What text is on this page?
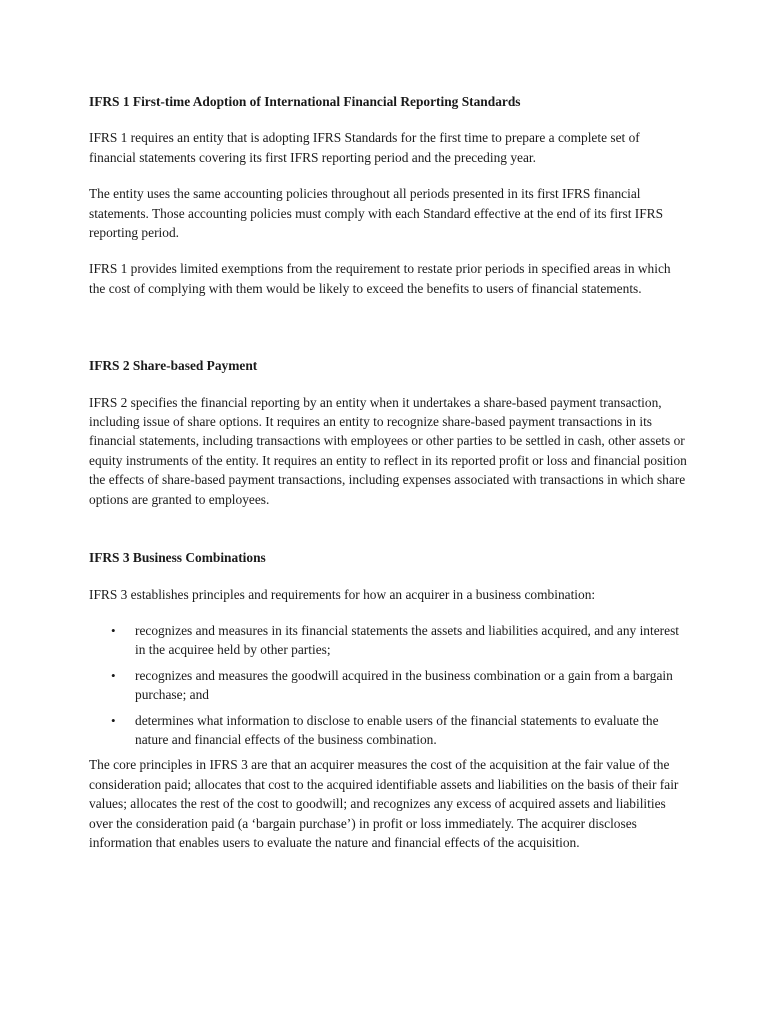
IFRS 1 First-time Adoption of International Financial Reporting Standards

IFRS 1 requires an entity that is adopting IFRS Standards for the first time to prepare a complete set of financial statements covering its first IFRS reporting period and the preceding year.

The entity uses the same accounting policies throughout all periods presented in its first IFRS financial statements. Those accounting policies must comply with each Standard effective at the end of its first IFRS reporting period.

IFRS 1 provides limited exemptions from the requirement to restate prior periods in specified areas in which the cost of complying with them would be likely to exceed the benefits to users of financial statements.

IFRS 2 Share-based Payment

IFRS 2 specifies the financial reporting by an entity when it undertakes a share-based payment transaction, including issue of share options. It requires an entity to recognize share-based payment transactions in its financial statements, including transactions with employees or other parties to be settled in cash, other assets or equity instruments of the entity. It requires an entity to reflect in its reported profit or loss and financial position the effects of share-based payment transactions, including expenses associated with transactions in which share options are granted to employees.

IFRS 3 Business Combinations

IFRS 3 establishes principles and requirements for how an acquirer in a business combination:

• recognizes and measures in its financial statements the assets and liabilities acquired, and any interest in the acquiree held by other parties;
• recognizes and measures the goodwill acquired in the business combination or a gain from a bargain purchase; and
• determines what information to disclose to enable users of the financial statements to evaluate the nature and financial effects of the business combination.

The core principles in IFRS 3 are that an acquirer measures the cost of the acquisition at the fair value of the consideration paid; allocates that cost to the acquired identifiable assets and liabilities on the basis of their fair values; allocates the rest of the cost to goodwill; and recognizes any excess of acquired assets and liabilities over the consideration paid (a ‘bargain purchase’) in profit or loss immediately. The acquirer discloses information that enables users to evaluate the nature and financial effects of the acquisition.
